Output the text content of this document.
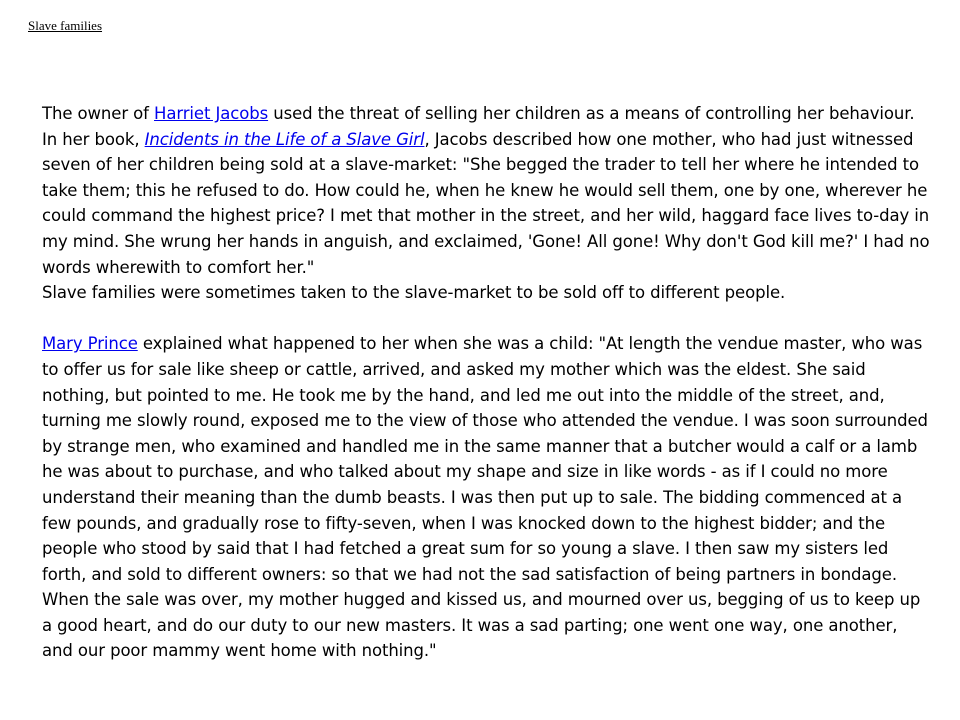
Slave families

The owner of Harriet Jacobs used the threat of selling her children as a means of controlling her behaviour. In her book, Incidents in the Life of a Slave Girl, Jacobs described how one mother, who had just witnessed seven of her children being sold at a slave-market: "She begged the trader to tell her where he intended to take them; this he refused to do. How could he, when he knew he would sell them, one by one, wherever he could command the highest price? I met that mother in the street, and her wild, haggard face lives to-day in my mind. She wrung her hands in anguish, and exclaimed, 'Gone! All gone! Why don't God kill me?' I had no words wherewith to comfort her."

Slave families were sometimes taken to the slave-market to be sold off to different people.

Mary Prince explained what happened to her when she was a child: "At length the vendue master, who was to offer us for sale like sheep or cattle, arrived, and asked my mother which was the eldest. She said nothing, but pointed to me. He took me by the hand, and led me out into the middle of the street, and, turning me slowly round, exposed me to the view of those who attended the vendue. I was soon surrounded by strange men, who examined and handled me in the same manner that a butcher would a calf or a lamb he was about to purchase, and who talked about my shape and size in like words - as if I could no more understand their meaning than the dumb beasts. I was then put up to sale. The bidding commenced at a few pounds, and gradually rose to fifty-seven, when I was knocked down to the highest bidder; and the people who stood by said that I had fetched a great sum for so young a slave. I then saw my sisters led forth, and sold to different owners: so that we had not the sad satisfaction of being partners in bondage. When the sale was over, my mother hugged and kissed us, and mourned over us, begging of us to keep up a good heart, and do our duty to our new masters. It was a sad parting; one went one way, one another, and our poor mammy went home with nothing."
